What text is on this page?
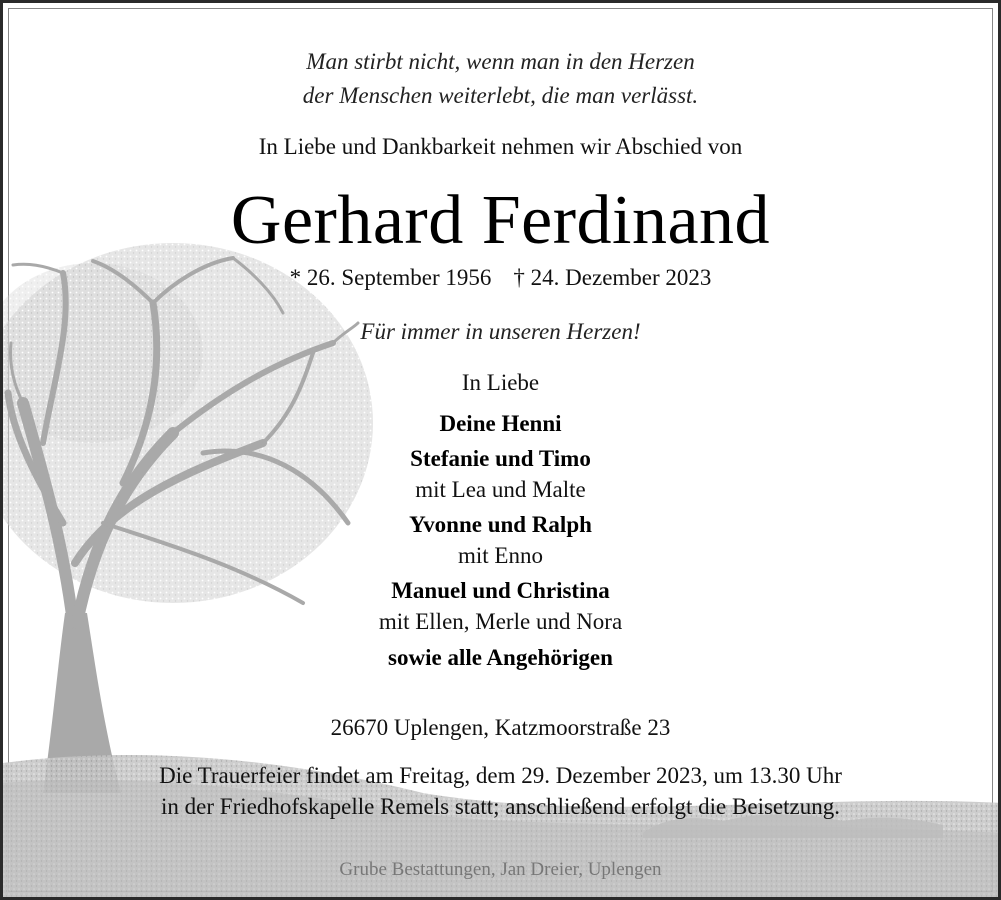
Man stirbt nicht, wenn man in den Herzen
der Menschen weiterlebt, die man verlässt.
In Liebe und Dankbarkeit nehmen wir Abschied von
Gerhard Ferdinand
* 26. September 1956 † 24. Dezember 2023
Für immer in unseren Herzen!
In Liebe
Deine Henni
Stefanie und Timo
mit Lea und Malte
Yvonne und Ralph
mit Enno
Manuel und Christina
mit Ellen, Merle und Nora
sowie alle Angehörigen
26670 Uplengen, Katzmoorstraße 23
Die Trauerfeier findet am Freitag, dem 29. Dezember 2023, um 13.30 Uhr
in der Friedhofskapelle Remels statt; anschließend erfolgt die Beisetzung.
Grube Bestattungen, Jan Dreier, Uplengen
